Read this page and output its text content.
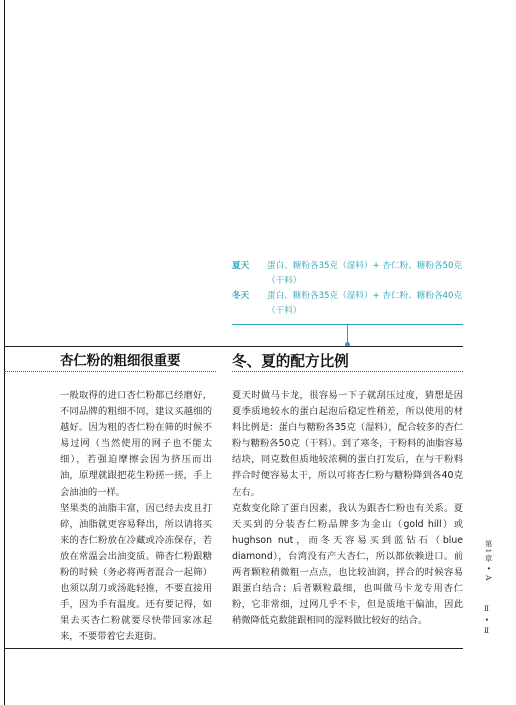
夏天 蛋白、糖粉各35克（湿料）+ 杏仁粉、糖粉各50克（干料）
冬天 蛋白、糖粉各35克（湿料）+ 杏仁粉、糖粉各40克（干料）
杏仁粉的粗细很重要	冬、夏的配方比例

一般取得的进口杏仁粉都已经磨好，不同品牌的粗细不同，建议买越细的越好。因为粗的杏仁粉在筛的时候不易过网（当然使用的网子也不能太细），若强迫摩擦会因为挤压而出油，原理就跟把花生粉搓一搓，手上会油油的一样。

坚果类的油脂丰富，因已经去皮且打碎，油脂就更容易释出，所以请将买来的杏仁粉放在冷藏或冷冻保存，若放在常温会出油变质。筛杏仁粉跟糖粉的时候（务必将两者混合一起筛）也须以刮刀或汤匙轻推，不要直接用手，因为手有温度。还有要记得，如果去买杏仁粉就要尽快带回家冰起来，不要带着它去逛街。

夏天时做马卡龙，很容易一下子就刮压过度，猜想是因夏季质地较水的蛋白起泡后稳定性稍差，所以使用的材料比例是：蛋白与糖粉各35克（湿料），配合较多的杏仁粉与糖粉各50克（干料）。到了寒冬，干粉料的油脂容易结块，同克数但质地较浓稠的蛋白打发后，在与干粉料拌合时便容易太干，所以可将杏仁粉与糖粉降到各40克左右。

克数变化除了蛋白因素，我认为跟杏仁粉也有关系。夏天买到的分装杏仁粉品牌多为金山（gold hill）或hughson nut，而冬天容易买到蓝钻石（blue diamond），台湾没有产大杏仁，所以都依赖进口。前两者颗粒稍微粗一点点，也比较油润，拌合的时候容易跟蛋白结合；后者颗粒最细，也叫做马卡龙专用杏仁粉，它非常细，过网几乎不卡，但是质地干偏油，因此稍微降低克数能跟相同的湿料做比较好的结合。

第1章 • A
Ⅱ • Ⅱ
